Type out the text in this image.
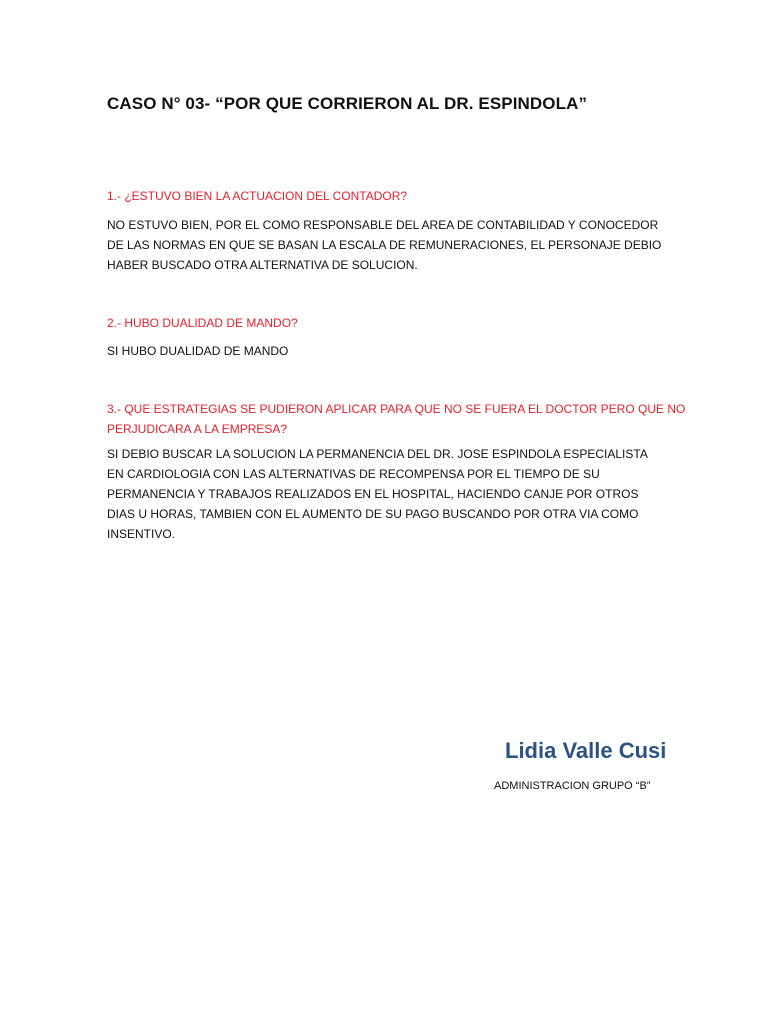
CASO N° 03- “POR QUE CORRIERON AL DR. ESPINDOLA”
1.- ¿ESTUVO BIEN LA ACTUACION DEL CONTADOR?
NO ESTUVO BIEN, POR EL COMO RESPONSABLE DEL AREA DE CONTABILIDAD Y CONOCEDOR DE LAS NORMAS EN QUE SE BASAN LA ESCALA DE REMUNERACIONES, EL PERSONAJE DEBIO HABER BUSCADO OTRA ALTERNATIVA DE SOLUCION.
2.- HUBO DUALIDAD DE MANDO?
SI HUBO DUALIDAD DE MANDO
3.- QUE ESTRATEGIAS SE PUDIERON APLICAR PARA QUE NO SE FUERA EL DOCTOR PERO QUE NO PERJUDICARA A LA EMPRESA?
SI DEBIO BUSCAR LA SOLUCION LA PERMANENCIA DEL DR. JOSE ESPINDOLA ESPECIALISTA EN CARDIOLOGIA CON LAS ALTERNATIVAS DE RECOMPENSA POR EL TIEMPO DE SU PERMANENCIA Y TRABAJOS REALIZADOS EN EL HOSPITAL, HACIENDO CANJE POR OTROS DIAS U HORAS, TAMBIEN CON EL AUMENTO DE SU PAGO BUSCANDO POR OTRA VIA COMO INSENTIVO.
Lidia Valle Cusi
ADMINISTRACION GRUPO “B”
